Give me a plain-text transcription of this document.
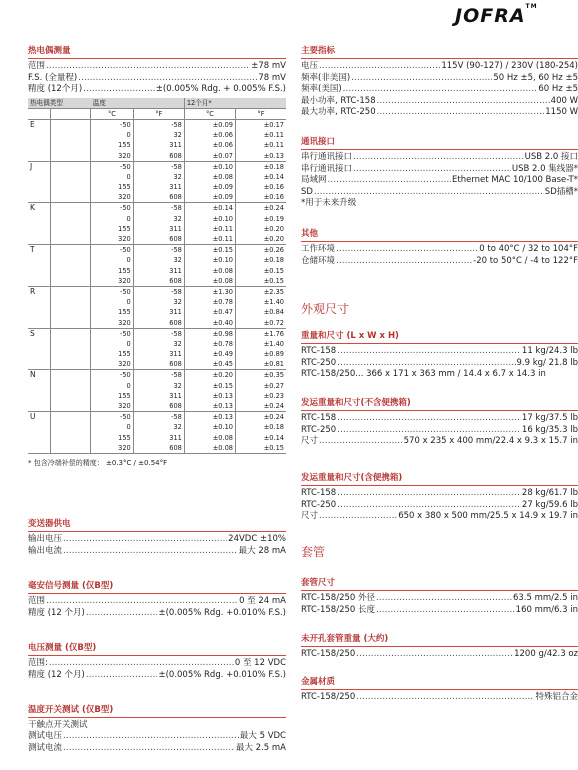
JOFRA™
热电偶测量
范围 .....	±78 mV
F.S. (全量程) .....	78 mV
精度 (12个月) .....	±(0.005% Rdg. + 0.005% F.S.)
热电偶类型		温度		12个月*	
		°C	°F	°C	°F
E		-50	-58	±0.09	±0.17
		0	32	±0.06	±0.11
		155	311	±0.06	±0.11
		320	608	±0.07	±0.13
J		-50	-58	±0.10	±0.18
		0	32	±0.08	±0.14
		155	311	±0.09	±0.16
		320	608	±0.09	±0.16
K		-50	-58	±0.14	±0.24
		0	32	±0.10	±0.19
		155	311	±0.11	±0.20
		320	608	±0.11	±0.20
T		-50	-58	±0.15	±0.26
		0	32	±0.10	±0.18
		155	311	±0.08	±0.15
		320	608	±0.08	±0.15
R		-50	-58	±1.30	±2.35
		0	32	±0.78	±1.40
		155	311	±0.47	±0.84
		320	608	±0.40	±0.72
S		-50	-58	±0.98	±1.76
		0	32	±0.78	±1.40
		155	311	±0.49	±0.89
		320	608	±0.45	±0.81
N		-50	-58	±0.20	±0.35
		0	32	±0.15	±0.27
		155	311	±0.13	±0.23
		320	608	±0.13	±0.24
U		-50	-58	±0.13	±0.24
		0	32	±0.10	±0.18
		155	311	±0.08	±0.14
		320	608	±0.08	±0.15
* 包含冷端补偿的精度： ±0.3°C / ±0.54°F
变送器供电
输出电压 .....	24VDC ±10%
输出电流 .....	最大 28 mA
毫安信号测量 (仅B型)
范围 .....	0 至 24 mA
精度 (12 个月) .....	±(0.005% Rdg. +0.010% F.S.)
电压测量 (仅B型)
范围: .....	0 至 12 VDC
精度 (12 个月) .....	±(0.005% Rdg. +0.010% F.S.)
温度开关测试 (仅B型)
干触点开关测试
测试电压 .....	最大 5 VDC
测试电流 .....	最大 2.5 mA
主要指标
电压 .....	115V (90-127) / 230V (180-254)
频率(非美国) .....	50 Hz ±5, 60 Hz ±5
频率(美国) .....	60 Hz ±5
最小功率, RTC-158 .....	400 W
最大功率, RTC-250 .....	1150 W
通讯接口
串行通讯接口 .....	USB 2.0 接口
串行通讯接口 .....	USB 2.0 集线器*
局域网 .....	Ethernet MAC 10/100 Base-T*
SD .....	SD插槽*
*用于未来升级
其他
工作环境 .....	0 to 40°C / 32 to 104°F
仓储环境 .....	-20 to 50°C / -4 to 122°F
外观尺寸
重量和尺寸 (L x W x H)
RTC-158 .....	11 kg/24.3 lb
RTC-250 .....	9.9 kg/ 21.8 lb
RTC-158/250... 366 x 171 x 363 mm / 14.4 x 6.7 x 14.3 in
发运重量和尺寸(不含便携箱)
RTC-158 .....	17 kg/37.5 lb
RTC-250 .....	16 kg/35.3 lb
尺寸 .....	570 x 235 x 400 mm/22.4 x 9.3 x 15.7 in
发运重量和尺寸(含便携箱)
RTC-158 .....	28 kg/61.7 lb
RTC-250 .....	27 kg/59.6 lb
尺寸 .....	650 x 380 x 500 mm/25.5 x 14.9 x 19.7 in
套管
套管尺寸
RTC-158/250 外径 .....	63.5 mm/2.5 in
RTC-158/250 长度 .....	160 mm/6.3 in
未开孔套管重量 (大约)
RTC-158/250 .....	1200 g/42.3 oz
金属材质
RTC-158/250 .....	特殊铝合金
